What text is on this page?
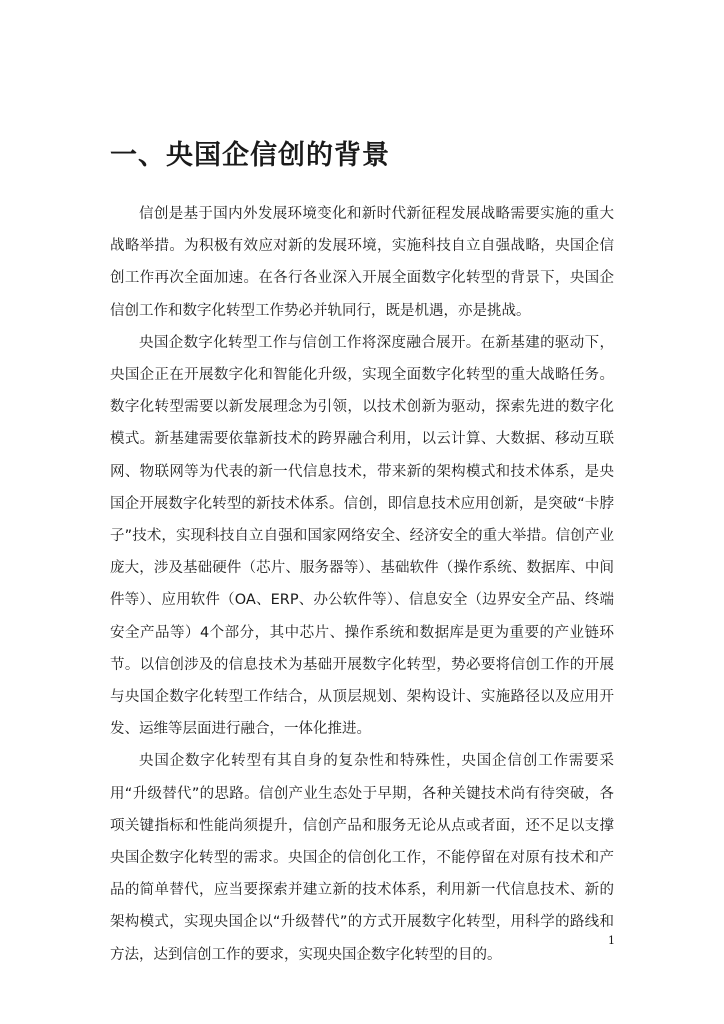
一、央国企信创的背景

信创是基于国内外发展环境变化和新时代新征程发展战略需要实施的重大战略举措。为积极有效应对新的发展环境，实施科技自立自强战略，央国企信创工作再次全面加速。在各行各业深入开展全面数字化转型的背景下，央国企信创工作和数字化转型工作势必并轨同行，既是机遇，亦是挑战。

央国企数字化转型工作与信创工作将深度融合展开。在新基建的驱动下，央国企正在开展数字化和智能化升级，实现全面数字化转型的重大战略任务。数字化转型需要以新发展理念为引领，以技术创新为驱动，探索先进的数字化模式。新基建需要依靠新技术的跨界融合利用，以云计算、大数据、移动互联网、物联网等为代表的新一代信息技术，带来新的架构模式和技术体系，是央国企开展数字化转型的新技术体系。信创，即信息技术应用创新，是突破“卡脖子”技术，实现科技自立自强和国家网络安全、经济安全的重大举措。信创产业庞大，涉及基础硬件（芯片、服务器等）、基础软件（操作系统、数据库、中间件等）、应用软件（OA、ERP、办公软件等）、信息安全（边界安全产品、终端安全产品等）4个部分，其中芯片、操作系统和数据库是更为重要的产业链环节。以信创涉及的信息技术为基础开展数字化转型，势必要将信创工作的开展与央国企数字化转型工作结合，从顶层规划、架构设计、实施路径以及应用开发、运维等层面进行融合，一体化推进。

央国企数字化转型有其自身的复杂性和特殊性，央国企信创工作需要采用“升级替代”的思路。信创产业生态处于早期，各种关键技术尚有待突破，各项关键指标和性能尚须提升，信创产品和服务无论从点或者面，还不足以支撑央国企数字化转型的需求。央国企的信创化工作，不能停留在对原有技术和产品的简单替代，应当要探索并建立新的技术体系，利用新一代信息技术、新的架构模式，实现央国企以“升级替代”的方式开展数字化转型，用科学的路线和方法，达到信创工作的要求，实现央国企数字化转型的目的。

1
